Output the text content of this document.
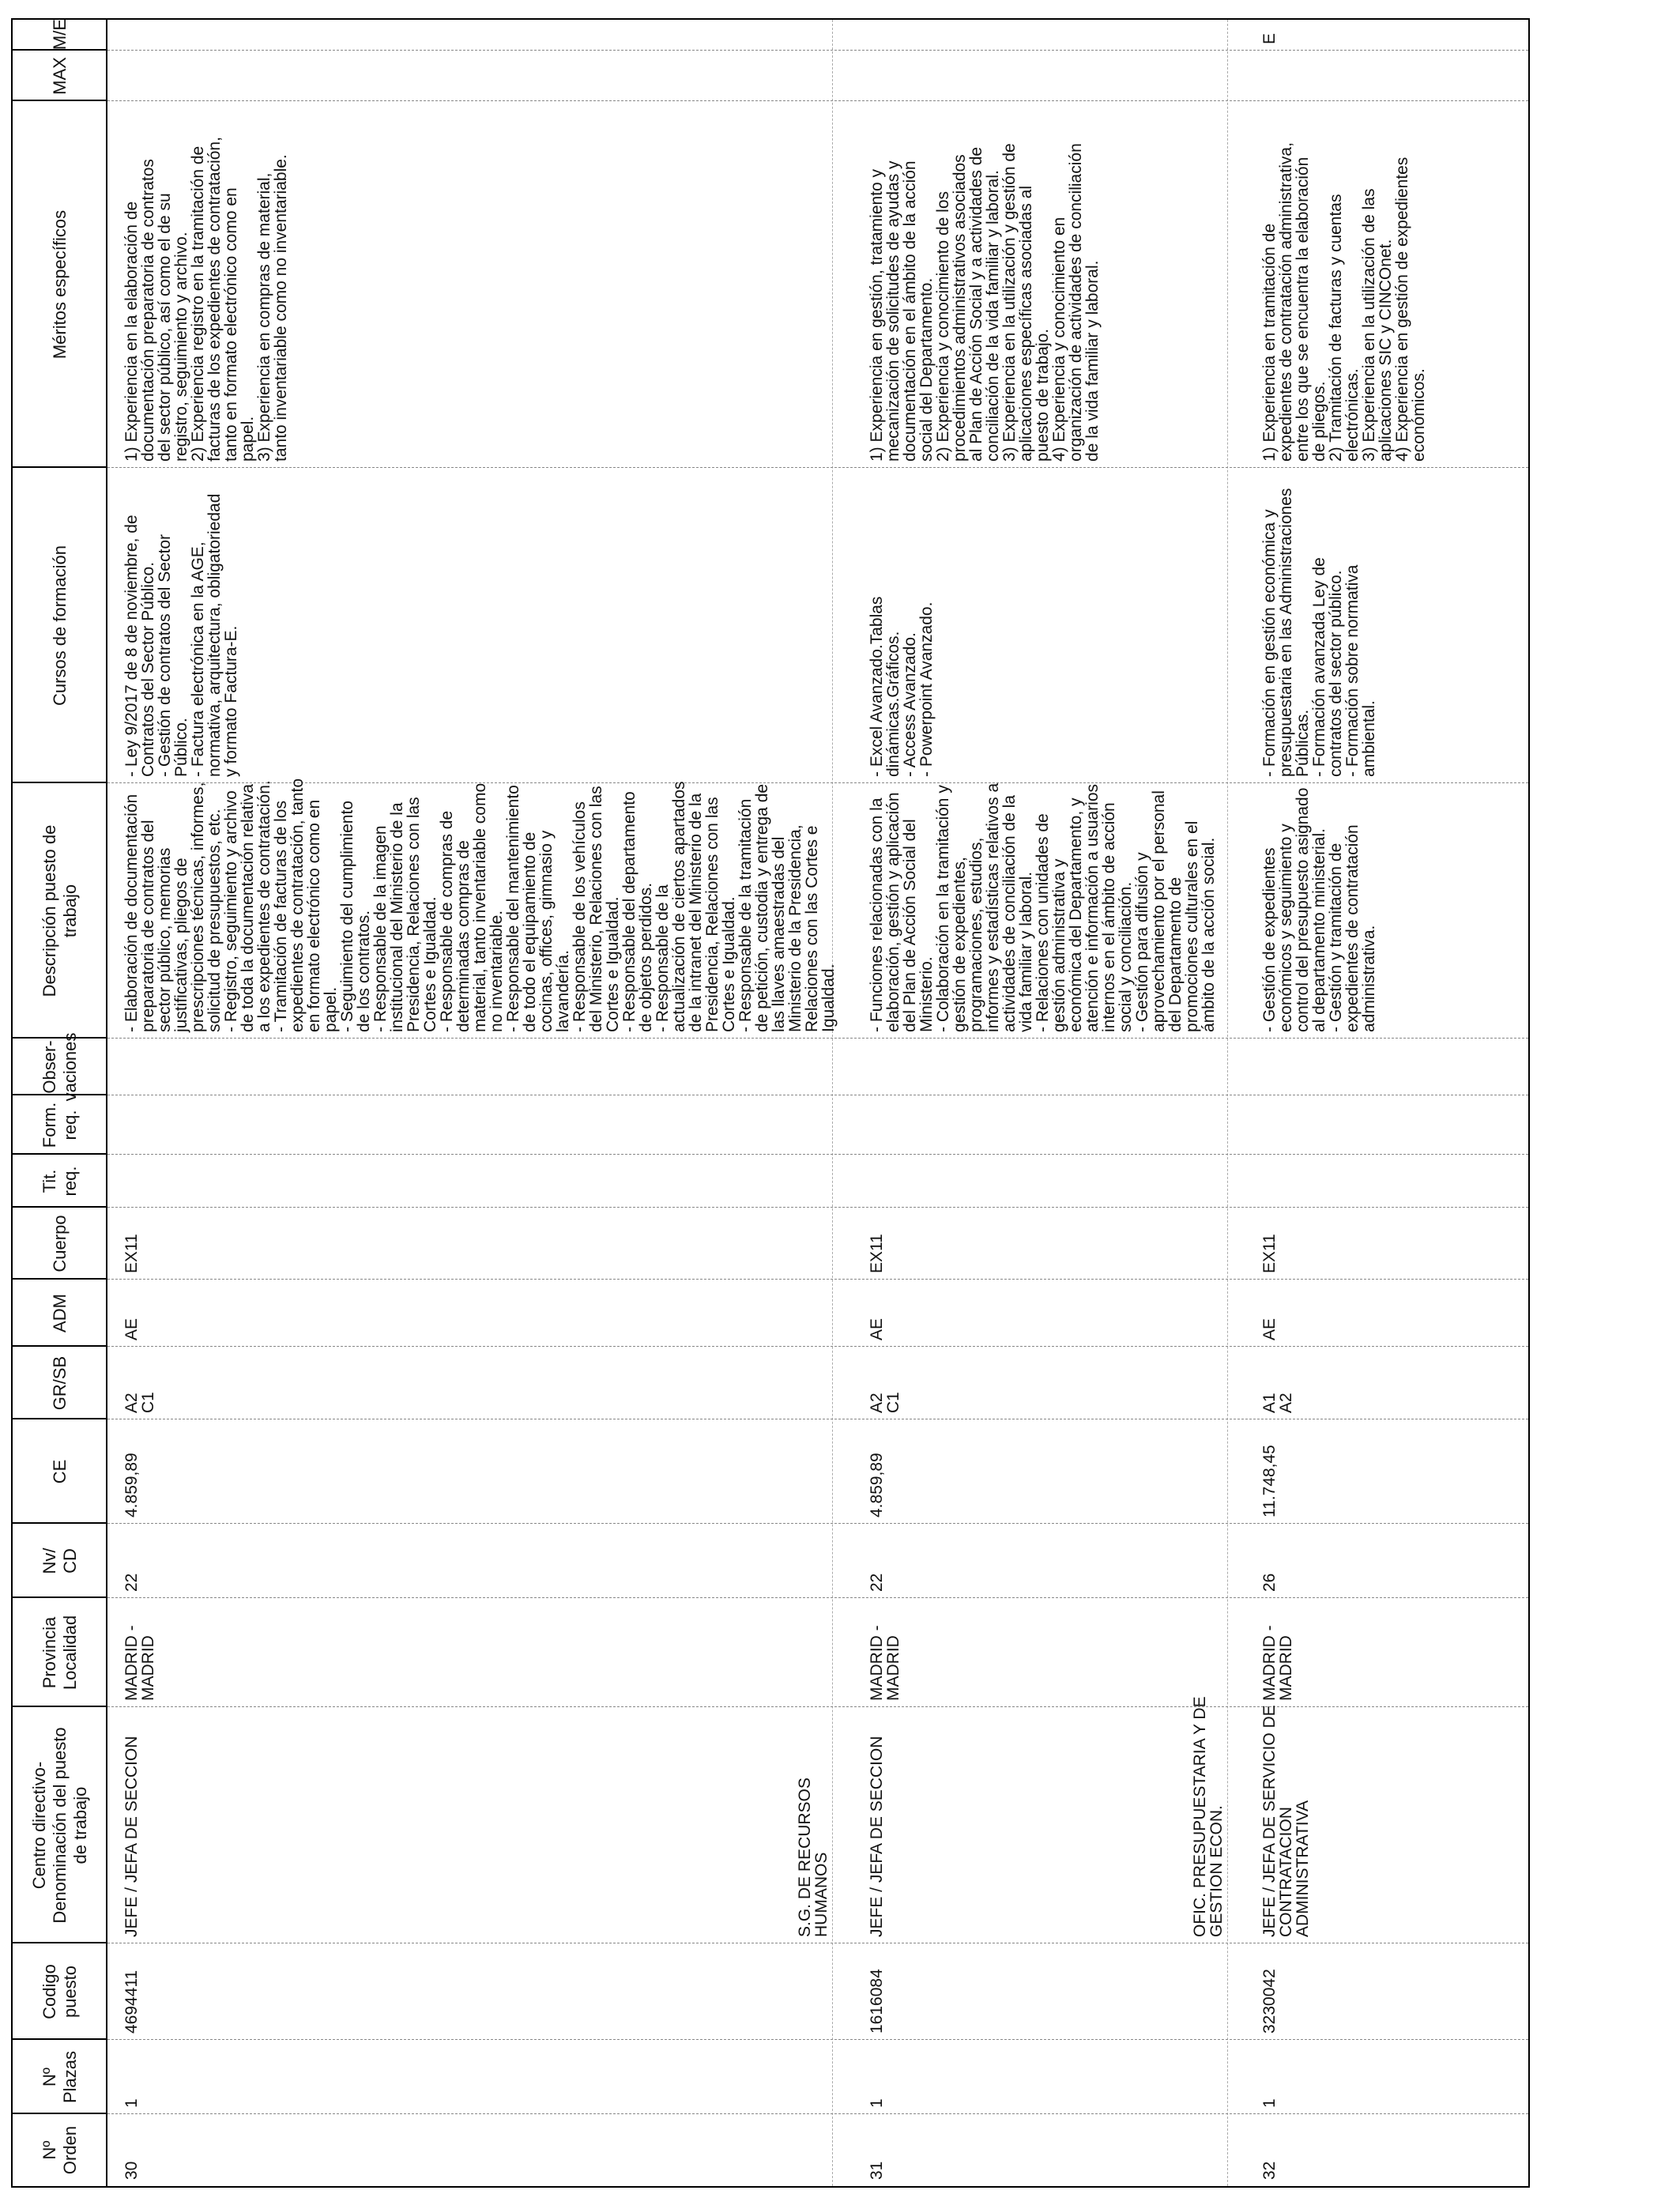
Nº
Orden
Nº
Plazas
Codigo
puesto
Centro directivo-
Denominación del puesto
de trabajo
Provincia
Localidad
Nv/
CD
CE
GR/SB
ADM
Cuerpo
Tit.
req.
Form.
req.
Obser-
vaciones
Descripción puesto de
trabajo
Cursos de formación
Méritos específicos
MAX
M/E
30
1
4694411
JEFE / JEFA DE SECCION
MADRID -
MADRID
22
4.859,89
A2
C1
AE
EX11
- Elaboración de documentación
preparatoria de contratos del
sector público, memorias
justificativas, pliegos de
prescripciones técnicas, informes,
solicitud de presupuestos, etc.
- Registro, seguimiento y archivo
de toda la documentación relativa
a los expedientes de contratación.
- Tramitación de facturas de los
expedientes de contratación, tanto
en formato electrónico como en
papel.
- Seguimiento del cumplimiento
de los contratos.
- Responsable de la imagen
institucional del Ministerio de la
Presidencia, Relaciones con las
Cortes e Igualdad.
- Responsable de compras de
determinadas compras de
material, tanto inventariable como
no inventariable.
- Responsable del mantenimiento
de todo el equipamiento de
cocinas, offices, gimnasio y
lavandería.
- Responsable de los vehículos
del Ministerio, Relaciones con las
Cortes e Igualdad.
- Responsable del departamento
de objetos perdidos.
- Responsable de la
actualización de ciertos apartados
de la intranet del Ministerio de la
Presidencia, Relaciones con las
Cortes e Igualdad.
- Responsable de la tramitación
de petición, custodia y entrega de
las llaves amaestradas del
Ministerio de la Presidencia,
Relaciones con las Cortes e
Igualdad.
- Ley 9/2017 de 8 de noviembre, de
Contratos del Sector Público.
- Gestión de contratos del Sector
Público.
- Factura electrónica en la AGE,
normativa, arquitectura, obligatoriedad
y formato Factura-E.
1) Experiencia en la elaboración de
documentación preparatoria de contratos
del sector público, así como el de su
registro, seguimiento y archivo.
2) Experiencia registro en la tramitación de
facturas de los expedientes de contratación,
tanto en formato electrónico como en
papel.
3) Experiencia en compras de material,
tanto inventariable como no inventariable.
S.G. DE RECURSOS
HUMANOS
31
1
1616084
JEFE / JEFA DE SECCION
MADRID -
MADRID
22
4.859,89
A2
C1
AE
EX11
- Funciones relacionadas con la
elaboración, gestión y aplicación
del Plan de Acción Social del
Ministerio.
- Colaboración en la tramitación y
gestión de expedientes,
programaciones, estudios,
informes y estadísticas relativos a
actividades de conciliación de la
vida familiar y laboral.
- Relaciones con unidades de
gestión administrativa y
económica del Departamento, y
atención e información a usuarios
internos en el ámbito de acción
social y conciliación.
- Gestión para difusión y
aprovechamiento por el personal
del Departamento de
promociones culturales en el
ámbito de la acción social.
- Excel Avanzado.Tablas
dinámicas.Gráficos.
- Access Avanzado.
- Powerpoint Avanzado.
1) Experiencia en gestión, tratamiento y
mecanización de solicitudes de ayudas y
documentación en el ámbito de la acción
social del Departamento.
2) Experiencia y conocimiento de los
procedimientos administrativos asociados
al Plan de Acción Social y a actividades de
conciliación de la vida familiar y laboral.
3) Experiencia en la utilización y gestión de
aplicaciones específicas asociadas al
puesto de trabajo.
4) Experiencia y conocimiento en
organización de actividades de conciliación
de la vida familiar y laboral.
OFIC. PRESUPUESTARIA Y DE
GESTION ECON.
32
1
3230042
JEFE / JEFA DE SERVICIO DE
CONTRATACION
ADMINISTRATIVA
MADRID -
MADRID
26
11.748,45
A1
A2
AE
EX11
- Gestión de expedientes
económicos y seguimiento y
control del presupuesto asignado
al departamento ministerial.
- Gestión y tramitación de
expedientes de contratación
administrativa.
- Formación en gestión económica y
presupuestaria en las Administraciones
Públicas.
- Formación avanzada Ley de
contratos del sector público.
- Formación sobre normativa
ambiental.
1) Experiencia en tramitación de
expedientes de contratación administrativa,
entre los que se encuentra la elaboración
de pliegos.
2) Tramitación de facturas y cuentas
electrónicas.
3) Experiencia en la utilización de las
aplicaciones SIC y CINCOnet.
4) Experiencia en gestión de expedientes
económicos.
E
